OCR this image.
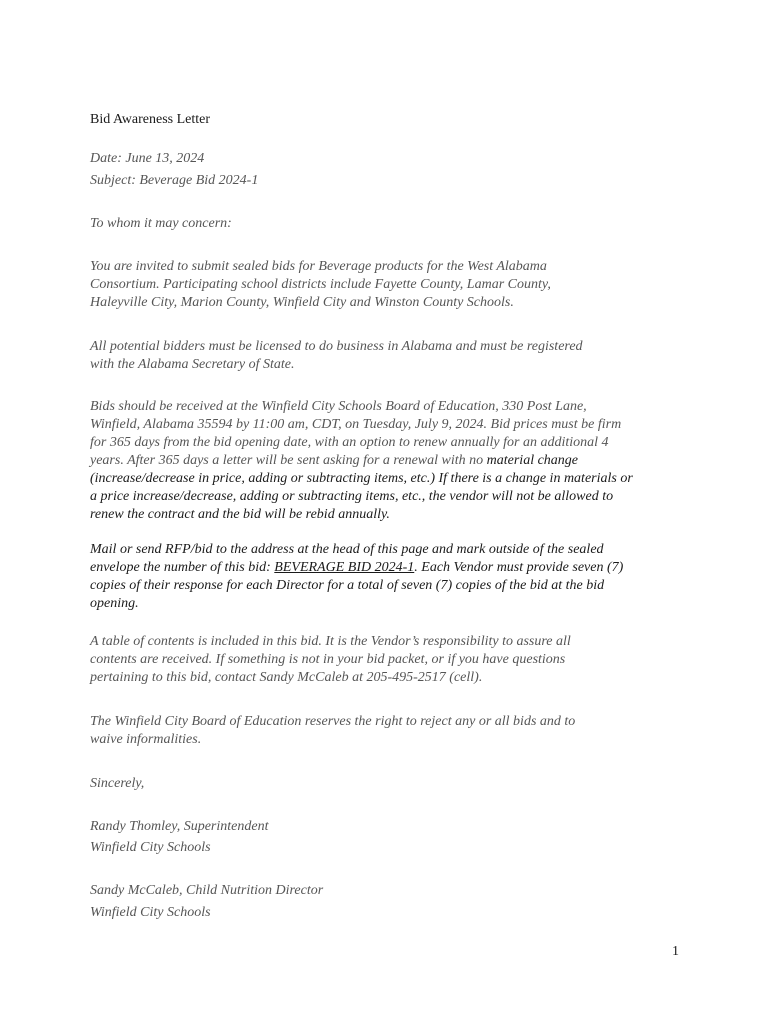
Bid Awareness Letter

Date: June 13, 2024

Subject: Beverage Bid 2024-1

To whom it may concern:

You are invited to submit sealed bids for Beverage products for the West Alabama

Consortium. Participating school districts include Fayette County, Lamar County,

Haleyville City, Marion County, Winfield City and Winston County Schools.

All potential bidders must be licensed to do business in Alabama and must be registered

with the Alabama Secretary of State.

Bids should be received at the Winfield City Schools Board of Education, 330 Post Lane,

Winfield, Alabama 35594 by 11:00 am, CDT, on Tuesday, July 9, 2024. Bid prices must be firm

for 365 days from the bid opening date, with an option to renew annually for an additional 4

years. After 365 days a letter will be sent asking for a renewal with no material change

(increase/decrease in price, adding or subtracting items, etc.) If there is a change in materials or

a price increase/decrease, adding or subtracting items, etc., the vendor will not be allowed to

renew the contract and the bid will be rebid annually.

Mail or send RFP/bid to the address at the head of this page and mark outside of the sealed

envelope the number of this bid: BEVERAGE BID 2024-1. Each Vendor must provide seven (7)

copies of their response for each Director for a total of seven (7) copies of the bid at the bid

opening.

A table of contents is included in this bid. It is the Vendor’s responsibility to assure all

contents are received. If something is not in your bid packet, or if you have questions

pertaining to this bid, contact Sandy McCaleb at 205-495-2517 (cell).

The Winfield City Board of Education reserves the right to reject any or all bids and to

waive informalities.

Sincerely,

Randy Thomley, Superintendent

Winfield City Schools

Sandy McCaleb, Child Nutrition Director

Winfield City Schools

1
